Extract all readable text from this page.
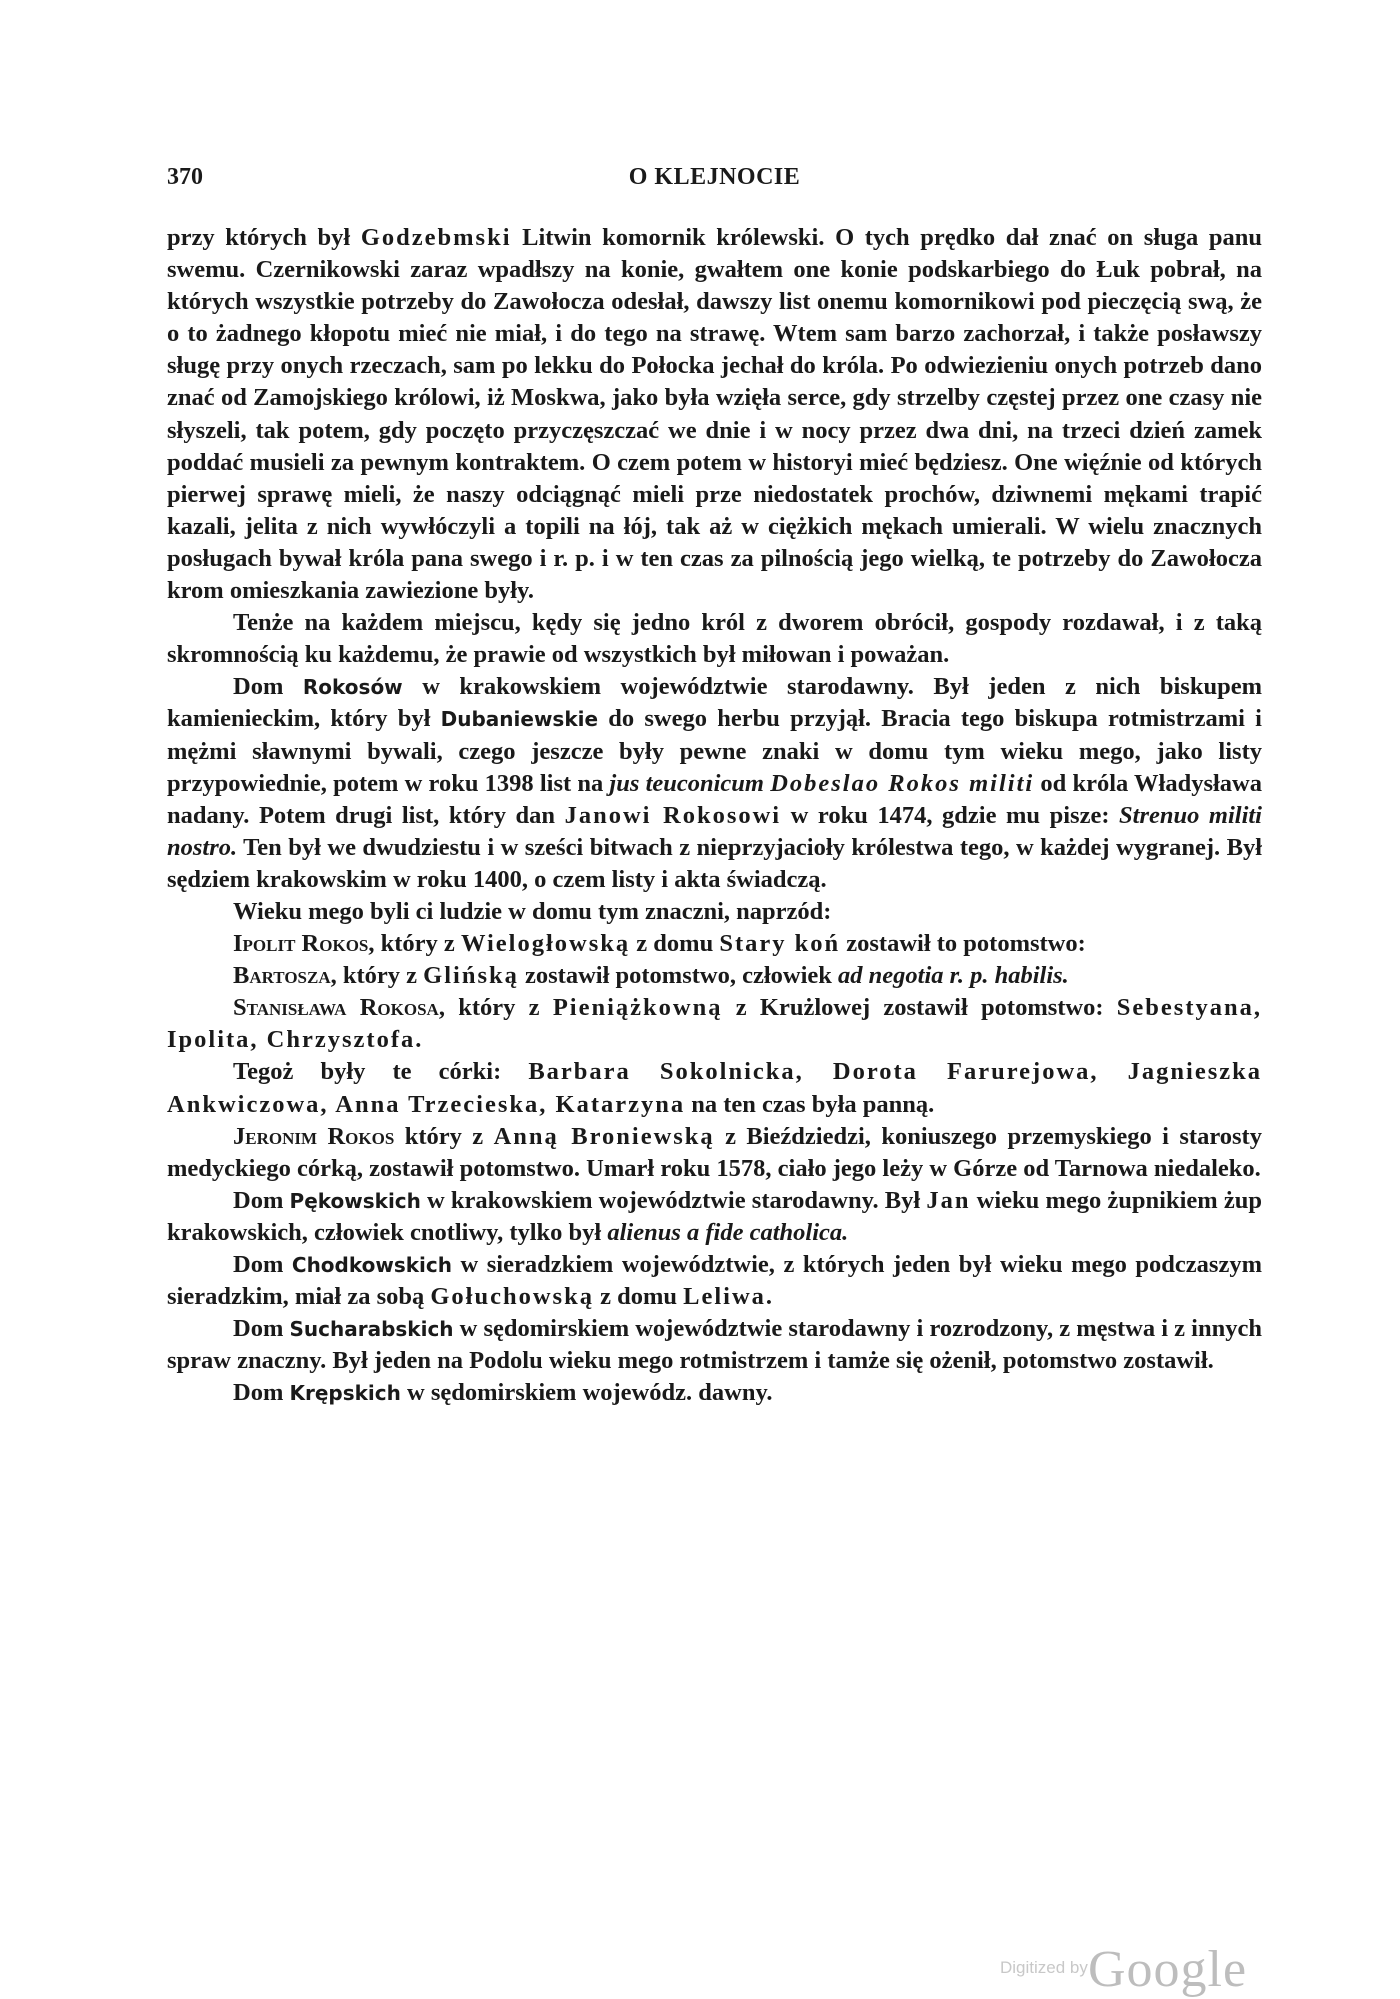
370	O KLEJNOCIE

przy których był Godzebmski Litwin komornik królewski. O tych prędko dał znać on sługa panu swemu. Czernikowski zaraz wpadłszy na konie, gwałtem one konie podskarbiego do Łuk pobrał, na których wszystkie potrzeby do Zawołocza odesłał, dawszy list onemu komornikowi pod pieczęcią swą, że o to żadnego kłopotu mieć nie miał, i do tego na strawę. Wtem sam barzo zachorzał, i także posławszy sługę przy onych rzeczach, sam po lekku do Połocka jechał do króla. Po odwiezieniu onych potrzeb dano znać od Zamojskiego królowi, iż Moskwa, jako była wzięła serce, gdy strzelby częstej przez one czasy nie słyszeli, tak potem, gdy poczęto przyczęszczać we dnie i w nocy przez dwa dni, na trzeci dzień zamek poddać musieli za pewnym kontraktem. O czem potem w historyi mieć będziesz. One więźnie od których pierwej sprawę mieli, że naszy odciągnąć mieli prze niedostatek prochów, dziwnemi mękami trapić kazali, jelita z nich wywłóczyli a topili na łój, tak aż w ciężkich mękach umierali. W wielu znacznych posługach bywał króla pana swego i r. p. i w ten czas za pilnością jego wielką, te potrzeby do Zawołocza krom omieszkania zawiezione były.

Tenże na każdem miejscu, kędy się jedno król z dworem obrócił, gospody rozdawał, i z taką skromnością ku każdemu, że prawie od wszystkich był miłowan i poważan.

Dom Rokosów w krakowskiem województwie starodawny. Był jeden z nich biskupem kamienieckim, który był Dubaniewskie do swego herbu przyjął. Bracia tego biskupa rotmistrzami i mężmi sławnymi bywali, czego jeszcze były pewne znaki w domu tym wieku mego, jako listy przypowiednie, potem w roku 1398 list na jus teuconicum Dobeslao Rokos militi od króla Władysława nadany. Potem drugi list, który dan Janowi Rokosowi w roku 1474, gdzie mu pisze: Strenuo militi nostro. Ten był we dwudziestu i w sześci bitwach z nieprzyjacioły królestwa tego, w każdej wygranej. Był sędziem krakowskim w roku 1400, o czem listy i akta świadczą.

Wieku mego byli ci ludzie w domu tym znaczni, naprzód:

Ipolit Rokos, który z Wielogłowską z domu Stary koń zostawił to potomstwo:

Bartosza, który z Glińską zostawił potomstwo, człowiek ad negotia r. p. habilis.

Stanisława Rokosa, który z Pieniążkowną z Krużlowej zostawił potomstwo: Sebestyana, Ipolita, Chrzysztofa.

Tegoż były te córki: Barbara Sokolnicka, Dorota Farurejowa, Jagnieszka Ankwiczowa, Anna Trzecieska, Katarzyna na ten czas była panną.

Jeronim Rokos który z Anną Broniewską z Bieździedzi, koniuszego przemyskiego i starosty medyckiego córką, zostawił potomstwo. Umarł roku 1578, ciało jego leży w Górze od Tarnowa niedaleko.

Dom Pękowskich w krakowskiem województwie starodawny. Był Jan wieku mego żupnikiem żup krakowskich, człowiek cnotliwy, tylko był alienus a fide catholica.

Dom Chodkowskich w sieradzkiem województwie, z których jeden był wieku mego podczaszym sieradzkim, miał za sobą Gołuchowską z domu Leliwa.

Dom Sucharabskich w sędomirskiem województwie starodawny i rozrodzony, z męstwa i z innych spraw znaczny. Był jeden na Podolu wieku mego rotmistrzem i tamże się ożenił, potomstwo zostawił.

Dom Krępskich w sędomirskiem wojewódz. dawny.

Digitized by Google
